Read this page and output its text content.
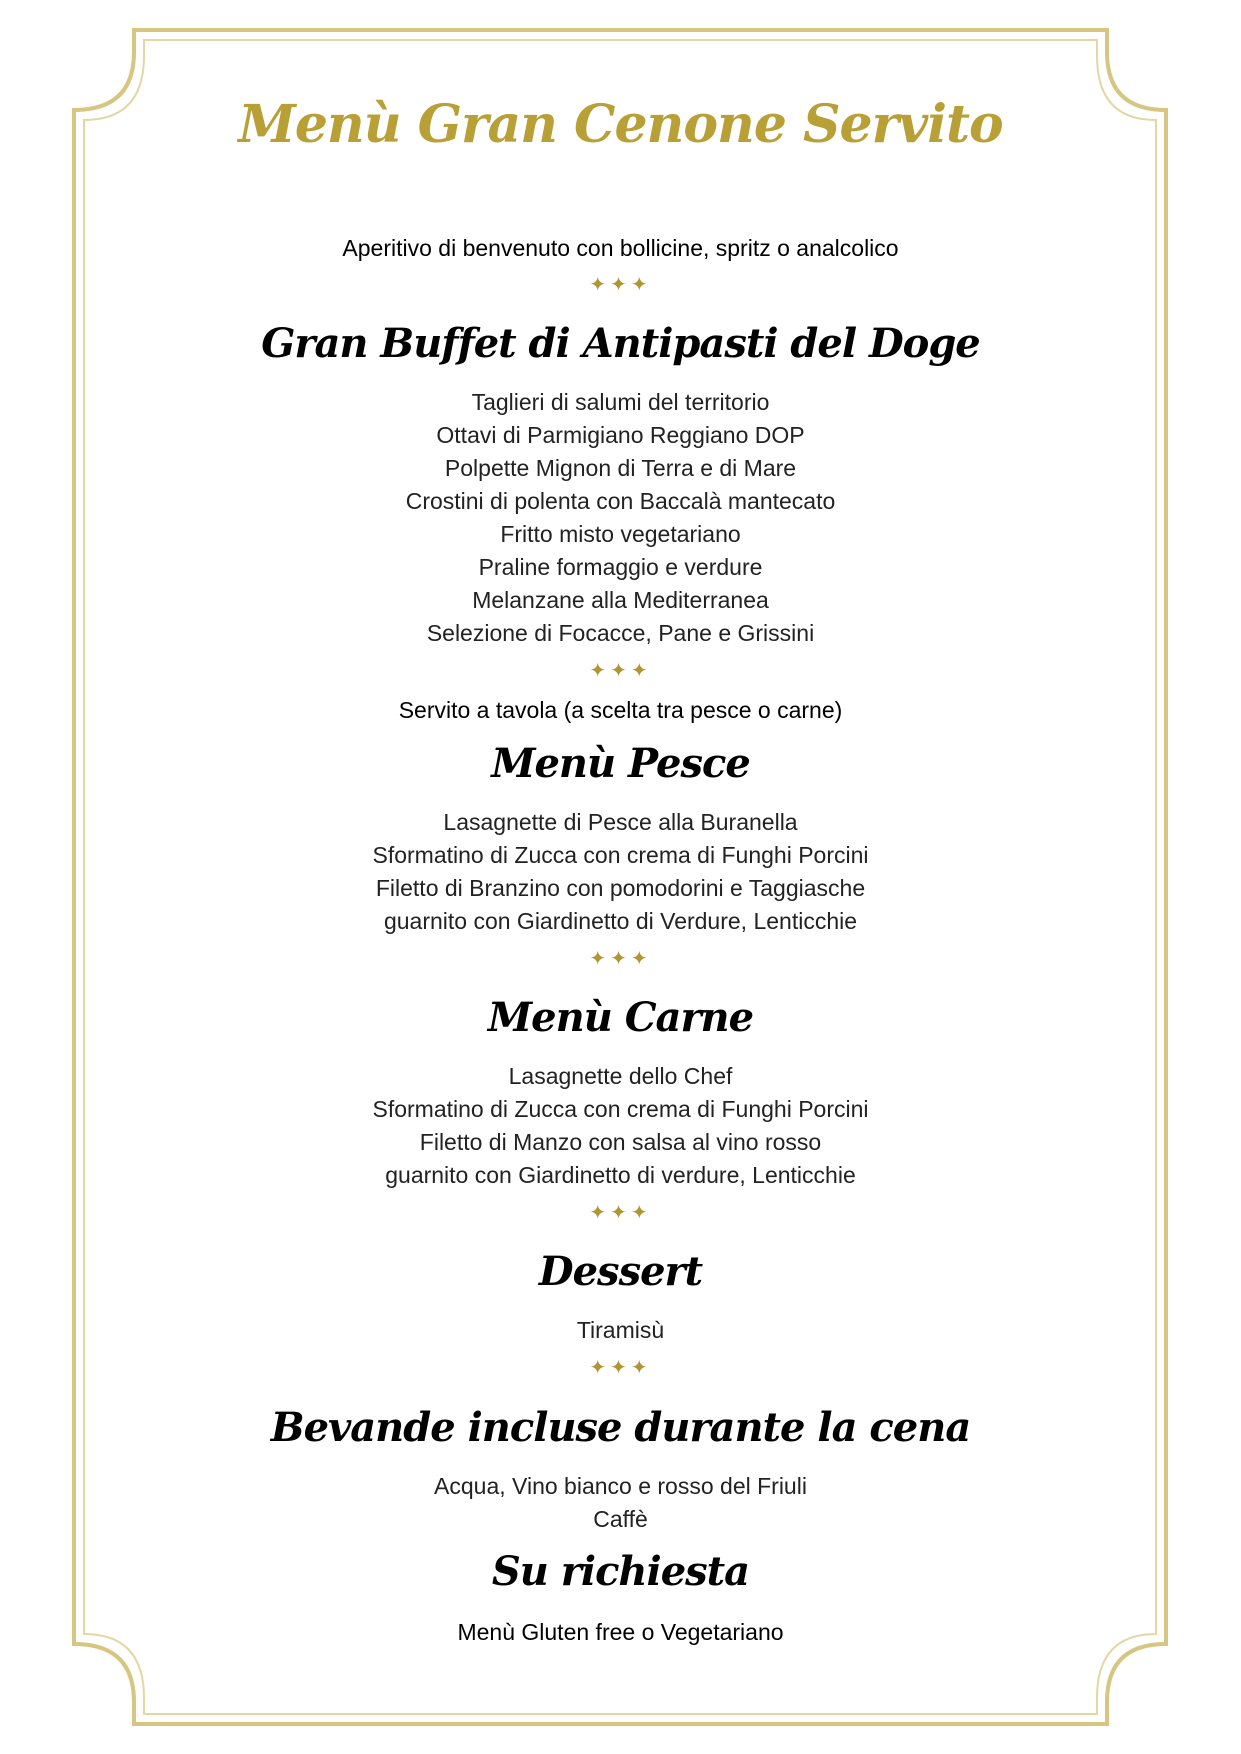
Menù Gran Cenone Servito
Aperitivo di benvenuto con bollicine, spritz o analcolico
✦✦✦
Gran Buffet di Antipasti del Doge
Taglieri di salumi del territorio
Ottavi di Parmigiano Reggiano DOP
Polpette Mignon di Terra e di Mare
Crostini di polenta con Baccalà mantecato
Fritto misto vegetariano
Praline formaggio e verdure
Melanzane alla Mediterranea
Selezione di Focacce, Pane e Grissini
✦✦✦
Servito a tavola (a scelta tra pesce o carne)
Menù Pesce
Lasagnette di Pesce alla Buranella
Sformatino di Zucca con crema di Funghi Porcini
Filetto di Branzino con pomodorini e Taggiasche
guarnito con Giardinetto di Verdure, Lenticchie
✦✦✦
Menù Carne
Lasagnette dello Chef
Sformatino di Zucca con crema di Funghi Porcini
Filetto di Manzo con salsa al vino rosso
guarnito con Giardinetto di verdure, Lenticchie
✦✦✦
Dessert
Tiramisù
✦✦✦
Bevande incluse durante la cena
Acqua, Vino bianco e rosso del Friuli
Caffè
Su richiesta
Menù Gluten free o Vegetariano
